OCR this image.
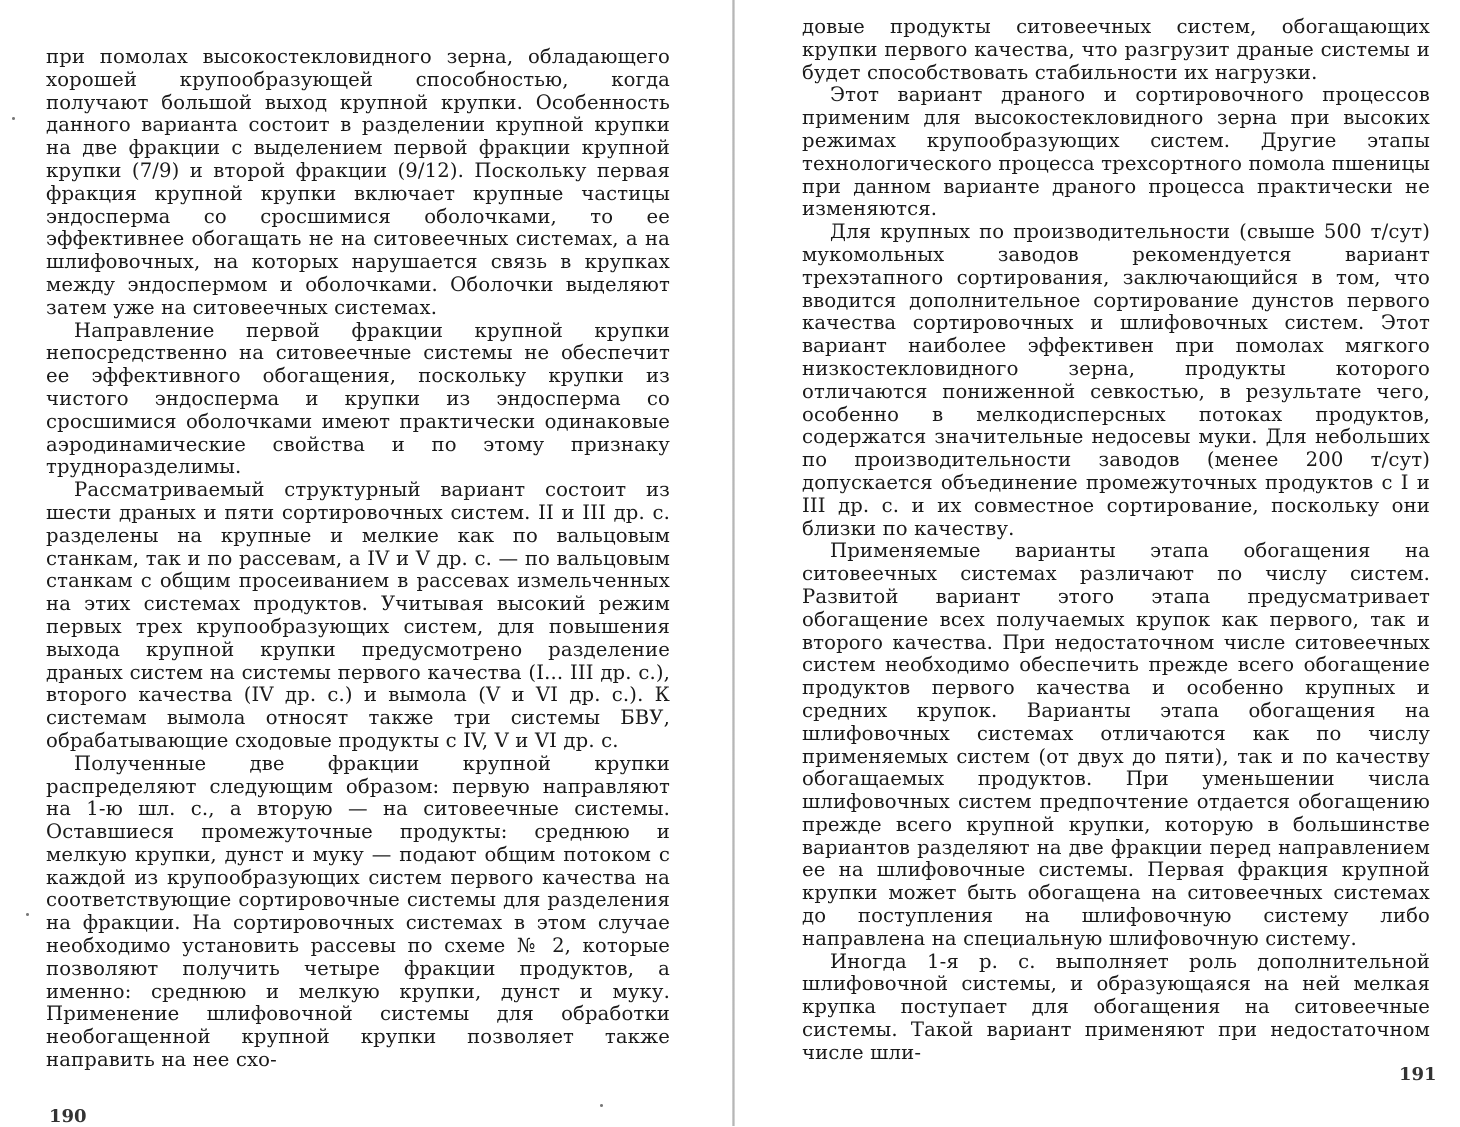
при помолах высокостекловидного зерна, обладающего хорошей крупообразующей способностью, когда получают большой выход крупной крупки. Особенность данного варианта состоит в разделении крупной крупки на две фракции с выделением первой фракции крупной крупки (7/9) и второй фракции (9/12). Поскольку первая фракция крупной крупки включает крупные частицы эндосперма со сросшимися оболочками, то ее эффективнее обогащать не на ситовеечных системах, а на шлифовочных, на которых нарушается связь в крупках между эндоспермом и оболочками. Оболочки выделяют затем уже на ситовеечных системах.

Направление первой фракции крупной крупки непосредственно на ситовеечные системы не обеспечит ее эффективного обогащения, поскольку крупки из чистого эндосперма и крупки из эндосперма со сросшимися оболочками имеют практически одинаковые аэродинамические свойства и по этому признаку трудноразделимы.

Рассматриваемый структурный вариант состоит из шести драных и пяти сортировочных систем. II и III др. с. разделены на крупные и мелкие как по вальцовым станкам, так и по рассевам, а IV и V др. с. — по вальцовым станкам с общим просеиванием в рассевах измельченных на этих системах продуктов. Учитывая высокий режим первых трех крупообразующих систем, для повышения выхода крупной крупки предусмотрено разделение драных систем на системы первого качества (I... III др. с.), второго качества (IV др. с.) и вымола (V и VI др. с.). К системам вымола относят также три системы БВУ, обрабатывающие сходовые продукты с IV, V и VI др. с.

Полученные две фракции крупной крупки распределяют следующим образом: первую направляют на 1-ю шл. с., а вторую — на ситовеечные системы. Оставшиеся промежуточные продукты: среднюю и мелкую крупки, дунст и муку — подают общим потоком с каждой из крупообразующих систем первого качества на соответствующие сортировочные системы для разделения на фракции. На сортировочных системах в этом случае необходимо установить рассевы по схеме № 2, которые позволяют получить четыре фракции продуктов, а именно: среднюю и мелкую крупки, дунст и муку. Применение шлифовочной системы для обработки необогащенной крупной крупки позволяет также направить на нее схо-

190

довые продукты ситовеечных систем, обогащающих крупки первого качества, что разгрузит драные системы и будет способствовать стабильности их нагрузки.

Этот вариант драного и сортировочного процессов применим для высокостекловидного зерна при высоких режимах крупообразующих систем. Другие этапы технологического процесса трехсортного помола пшеницы при данном варианте драного процесса практически не изменяются.

Для крупных по производительности (свыше 500 т/сут) мукомольных заводов рекомендуется вариант трехэтапного сортирования, заключающийся в том, что вводится дополнительное сортирование дунстов первого качества сортировочных и шлифовочных систем. Этот вариант наиболее эффективен при помолах мягкого низкостекловидного зерна, продукты которого отличаются пониженной севкостью, в результате чего, особенно в мелкодисперсных потоках продуктов, содержатся значительные недосевы муки. Для небольших по производительности заводов (менее 200 т/сут) допускается объединение промежуточных продуктов с I и III др. с. и их совместное сортирование, поскольку они близки по качеству.

Применяемые варианты этапа обогащения на ситовеечных системах различают по числу систем. Развитой вариант этого этапа предусматривает обогащение всех получаемых крупок как первого, так и второго качества. При недостаточном числе ситовеечных систем необходимо обеспечить прежде всего обогащение продуктов первого качества и особенно крупных и средних крупок. Варианты этапа обогащения на шлифовочных системах отличаются как по числу применяемых систем (от двух до пяти), так и по качеству обогащаемых продуктов. При уменьшении числа шлифовочных систем предпочтение отдается обогащению прежде всего крупной крупки, которую в большинстве вариантов разделяют на две фракции перед направлением ее на шлифовочные системы. Первая фракция крупной крупки может быть обогащена на ситовеечных системах до поступления на шлифовочную систему либо направлена на специальную шлифовочную систему.

Иногда 1-я р. с. выполняет роль дополнительной шлифовочной системы, и образующаяся на ней мелкая крупка поступает для обогащения на ситовеечные системы. Такой вариант применяют при недостаточном числе шли-

191
